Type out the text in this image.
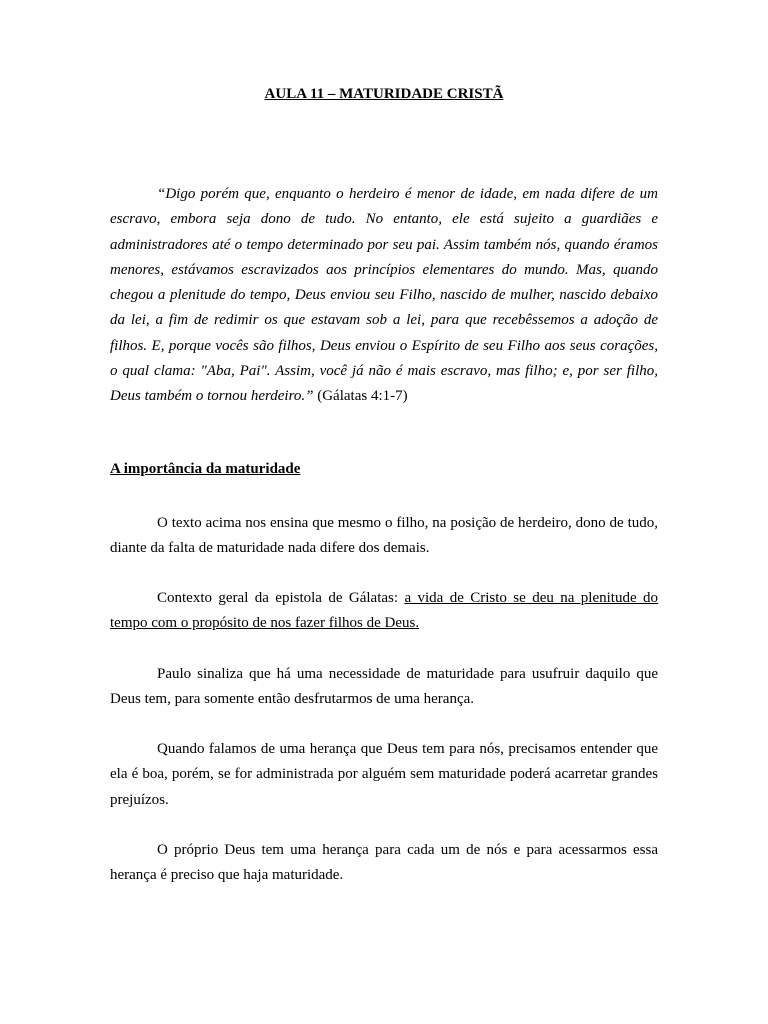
AULA 11 – MATURIDADE CRISTÃ

“Digo porém que, enquanto o herdeiro é menor de idade, em nada difere de um escravo, embora seja dono de tudo. No entanto, ele está sujeito a guardiães e administradores até o tempo determinado por seu pai. Assim também nós, quando éramos menores, estávamos escravizados aos princípios elementares do mundo. Mas, quando chegou a plenitude do tempo, Deus enviou seu Filho, nascido de mulher, nascido debaixo da lei, a fim de redimir os que estavam sob a lei, para que recebêssemos a adoção de filhos. E, porque vocês são filhos, Deus enviou o Espírito de seu Filho aos seus corações, o qual clama: "Aba, Pai". Assim, você já não é mais escravo, mas filho; e, por ser filho, Deus também o tornou herdeiro.” (Gálatas 4:1-7)

A importância da maturidade

O texto acima nos ensina que mesmo o filho, na posição de herdeiro, dono de tudo, diante da falta de maturidade nada difere dos demais.

Contexto geral da epistola de Gálatas: a vida de Cristo se deu na plenitude do tempo com o propósito de nos fazer filhos de Deus.

Paulo sinaliza que há uma necessidade de maturidade para usufruir daquilo que Deus tem, para somente então desfrutarmos de uma herança.

Quando falamos de uma herança que Deus tem para nós, precisamos entender que ela é boa, porém, se for administrada por alguém sem maturidade poderá acarretar grandes prejuízos.

O próprio Deus tem uma herança para cada um de nós e para acessarmos essa herança é preciso que haja maturidade.
